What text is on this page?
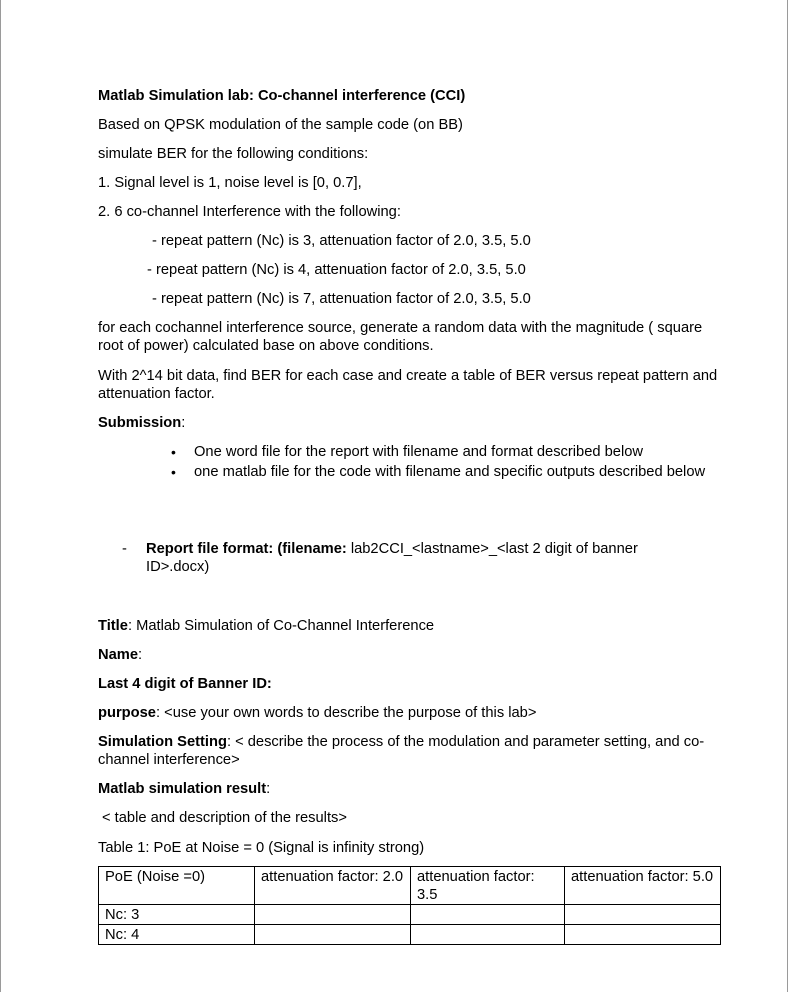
Matlab Simulation lab: Co-channel interference (CCI)
Based on QPSK modulation of the sample code (on BB)
simulate BER for the following conditions:
1. Signal level is 1, noise level is [0, 0.7],
2. 6 co-channel Interference with the following:
- repeat pattern (Nc) is 3, attenuation factor of 2.0, 3.5, 5.0
- repeat pattern (Nc) is 4, attenuation factor of 2.0, 3.5, 5.0
- repeat pattern (Nc) is 7, attenuation factor of 2.0, 3.5, 5.0
for each cochannel interference source, generate a random data with the magnitude ( square root of power) calculated base on above conditions.
With 2^14 bit data, find BER for each case and create a table of BER versus repeat pattern and attenuation factor.
Submission:
• One word file for the report with filename and format described below
• one matlab file for the code with filename and specific outputs described below
- Report file format: (filename: lab2CCI_<lastname>_<last 2 digit of banner ID>.docx)
Title: Matlab Simulation of Co-Channel Interference
Name:
Last 4 digit of Banner ID:
purpose: <use your own words to describe the purpose of this lab>
Simulation Setting: < describe the process of the modulation and parameter setting, and co-channel interference>
Matlab simulation result:
< table and description of the results>
Table 1: PoE at Noise = 0 (Signal is infinity strong)
PoE (Noise =0)	attenuation factor: 2.0	attenuation factor: 3.5	attenuation factor: 5.0
Nc: 3			
Nc: 4			
